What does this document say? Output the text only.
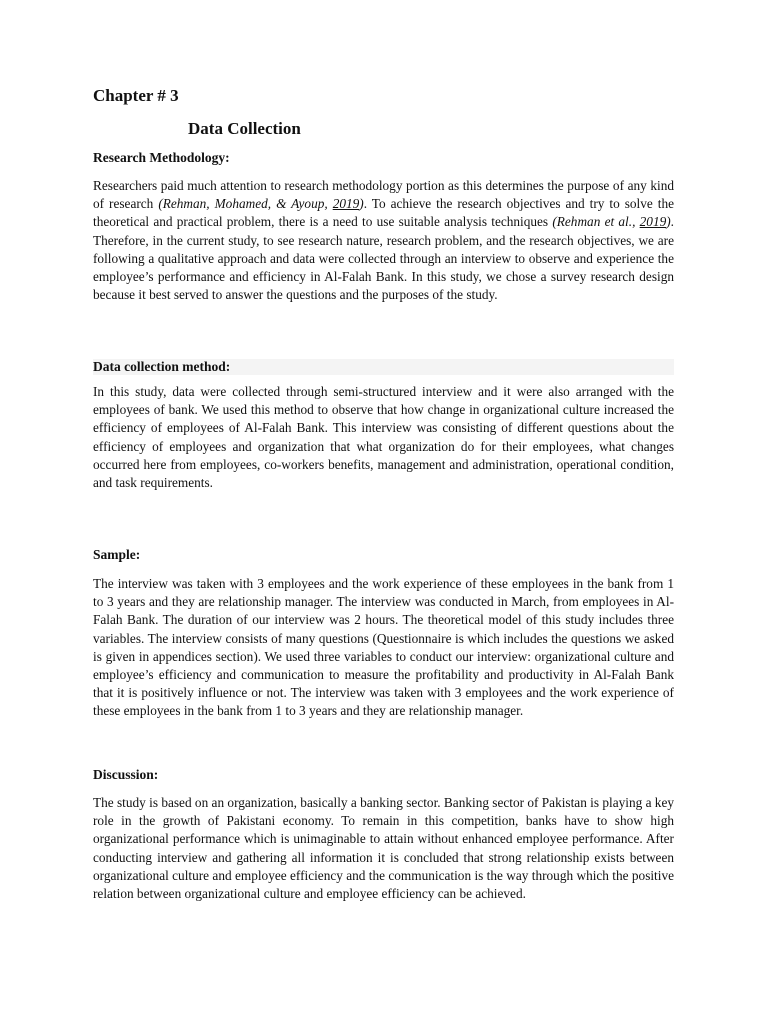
Chapter # 3
Data Collection
Research Methodology:

Researchers paid much attention to research methodology portion as this determines the purpose of any kind of research (Rehman, Mohamed, & Ayoup, 2019). To achieve the research objectives and try to solve the theoretical and practical problem, there is a need to use suitable analysis techniques (Rehman et al., 2019). Therefore, in the current study, to see research nature, research problem, and the research objectives, we are following a qualitative approach and data were collected through an interview to observe and experience the employee’s performance and efficiency in Al-Falah Bank. In this study, we chose a survey research design because it best served to answer the questions and the purposes of the study.

Data collection method:

In this study, data were collected through semi-structured interview and it were also arranged with the employees of bank. We used this method to observe that how change in organizational culture increased the efficiency of employees of Al-Falah Bank. This interview was consisting of different questions about the efficiency of employees and organization that what organization do for their employees, what changes occurred here from employees, co-workers benefits, management and administration, operational condition, and task requirements.

Sample:

The interview was taken with 3 employees and the work experience of these employees in the bank from 1 to 3 years and they are relationship manager. The interview was conducted in March, from employees in Al-Falah Bank. The duration of our interview was 2 hours. The theoretical model of this study includes three variables. The interview consists of many questions (Questionnaire is which includes the questions we asked is given in appendices section). We used three variables to conduct our interview: organizational culture and employee’s efficiency and communication to measure the profitability and productivity in Al-Falah Bank that it is positively influence or not. The interview was taken with 3 employees and the work experience of these employees in the bank from 1 to 3 years and they are relationship manager.

Discussion:

The study is based on an organization, basically a banking sector. Banking sector of Pakistan is playing a key role in the growth of Pakistani economy. To remain in this competition, banks have to show high organizational performance which is unimaginable to attain without enhanced employee performance. After conducting interview and gathering all information it is concluded that strong relationship exists between organizational culture and employee efficiency and the communication is the way through which the positive relation between organizational culture and employee efficiency can be achieved.
